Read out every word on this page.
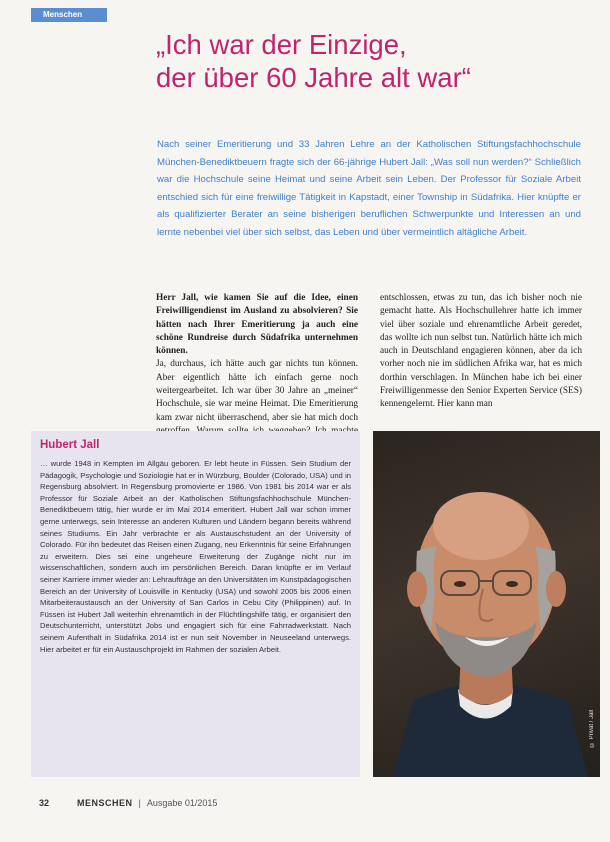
Menschen
„Ich war der Einzige,
der über 60 Jahre alt war“

Nach seiner Emeritierung und 33 Jahren Lehre an der Katholischen Stiftungsfachhochschule München-Benediktbeuern fragte sich der 66-jährige Hubert Jall: „Was soll nun werden?“ Schließlich war die Hochschule seine Heimat und seine Arbeit sein Leben. Der Professor für Soziale Arbeit entschied sich für eine freiwillige Tätigkeit in Kapstadt, einer Township in Südafrika. Hier knüpfte er als qualifizierter Berater an seine bisherigen beruflichen Schwerpunkte und Interessen an und lernte nebenbei viel über sich selbst, das Leben und über vermeintlich altägliche Arbeit.

Herr Jall, wie kamen Sie auf die Idee, einen Freiwilligendienst im Ausland zu absolvieren? Sie hätten nach Ihrer Emeritierung ja auch eine schöne Rundreise durch Südafrika unternehmen können.

Ja, durchaus, ich hätte auch gar nichts tun können. Aber eigentlich hätte ich einfach gerne noch weitergearbeitet. Ich war über 30 Jahre an „meiner“ Hochschule, sie war meine Heimat. Die Emeritierung kam zwar nicht überraschend, aber sie hat mich doch entschlossen, etwas zu tun, das ich bisher noch nie gemacht hatte. Als Hochschullehrer hatte ich immer viel über soziale und ehrenamtliche Arbeit geredet, das wollte ich nun selbst tun. Natürlich hätte ich mich auch in Deutschland engagieren können, aber da ich vorher noch nie im südlichen Afrika war, hat es mich dorthin verschlagen. In München habe ich bei einer Freiwilligenmesse den Senior Experten Service (SES) kennengelernt. Hier kann man

Hubert Jall

… wurde 1948 in Kempten im Allgäu geboren. Er lebt heute in Füssen. Sein Studium der Pädagogik, Psychologie und Soziologie hat er in Würzburg, Boulder (Colorado, USA) und in Regensburg absolviert. In Regensburg promovierte er 1986. Von 1981 bis 2014 war er als Professor für Soziale Arbeit an der Katholischen Stiftungsfachhochschule München-Benediktbeuern tätig, hier wurde er im Mai 2014 emeritiert. Hubert Jall war schon immer gerne unterwegs, sein Interesse an anderen Kulturen und Ländern begann bereits während seines Studiums. Ein Jahr verbrachte er als Austauschstudent an der University of Colorado. Für ihn bedeutet das Reisen einen Zugang, neu Erkenntnis für seine Erfahrungen zu erweitern. Dies sei eine ungeheure Erweiterung der Zugänge nicht nur im wissenschaftlichen, sondern auch im persönlichen Bereich. Daran knüpfte er im Verlauf seiner Karriere immer wieder an: Lehraufträge an den Universitäten im Kunstpädagogischen Bereich an der University of Louisville in Kentucky (USA) und sowohl 2005 bis 2006 einen Mitarbeiteraustausch an der University of San Carlos in Cebu City (Philippinen) auf. In Füssen ist Hubert Jall weiterhin ehrenamtlich in der Flüchtlingshilfe tätig, er organisiert den Deutschunterricht, unterstützt Jobs und engagiert sich für eine Fahrradwerkstatt. Nach seinem Aufenthalt in Südafrika 2014 ist er nun seit November in Neuseeland unterwegs. Hier arbeitet er für ein Austauschprojekt im Rahmen der sozialen Arbeit.

© Privat / Jall
32	MENSCHEN | Ausgabe 01/2015
